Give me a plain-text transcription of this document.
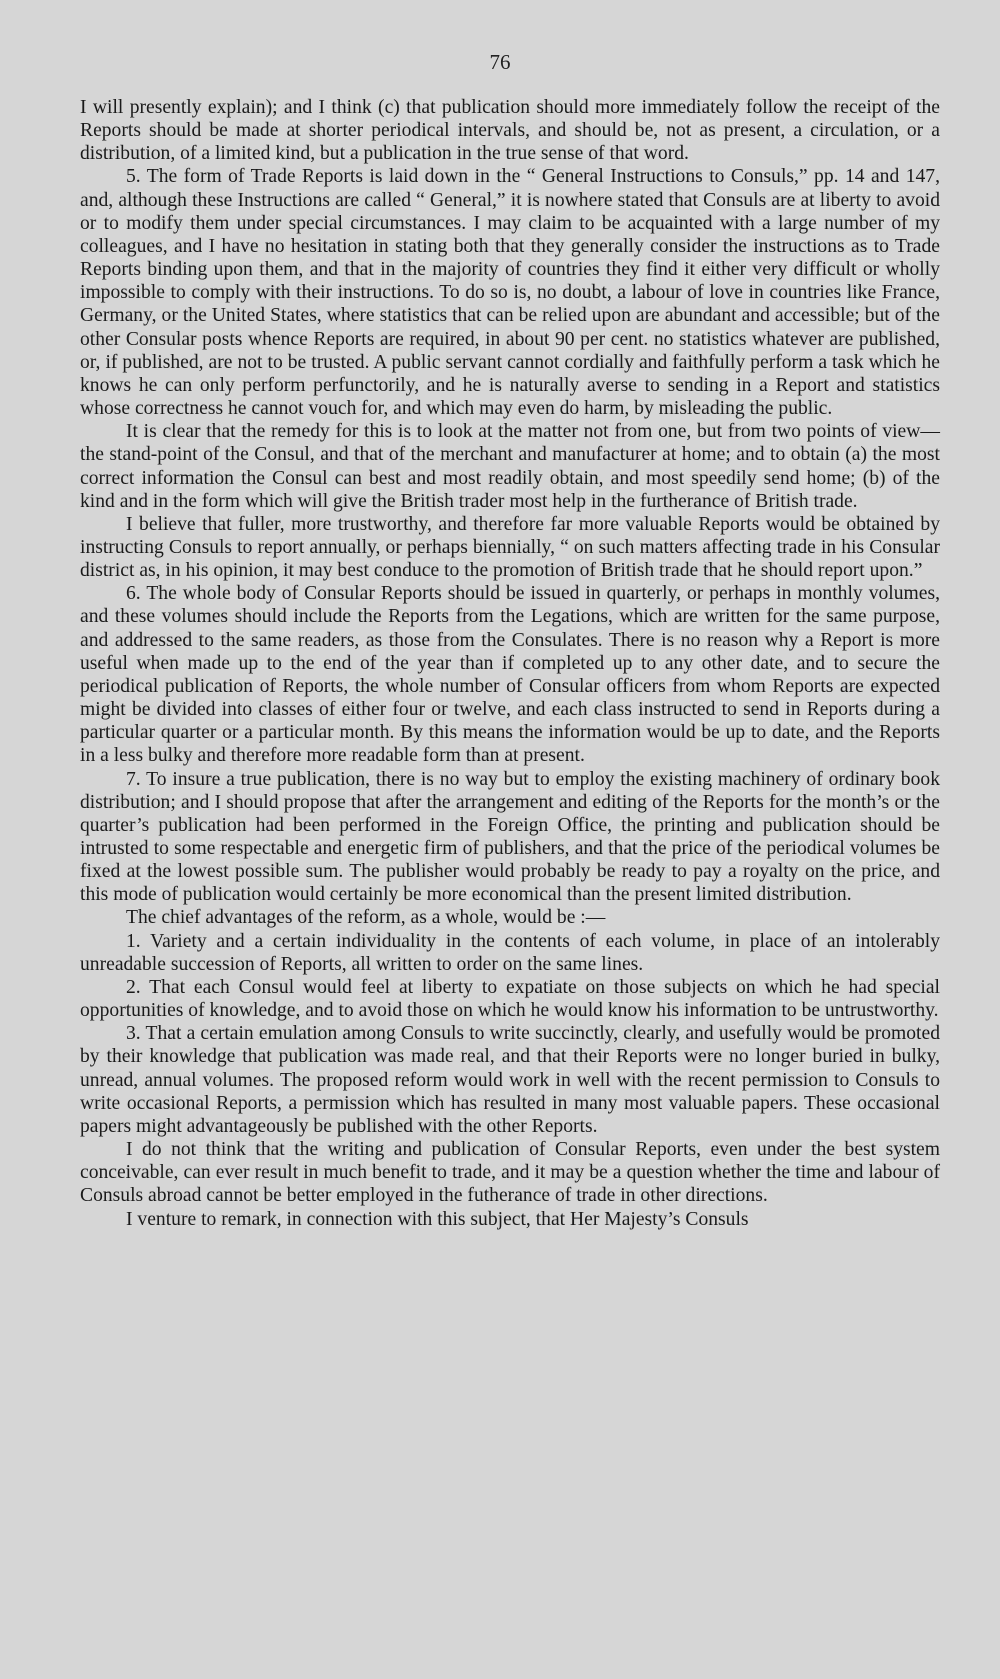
76

I will presently explain); and I think (c) that publication should more immediately follow the receipt of the Reports should be made at shorter periodical intervals, and should be, not as present, a circulation, or a distribution, of a limited kind, but a publication in the true sense of that word.

5. The form of Trade Reports is laid down in the “ General Instructions to Consuls,” pp. 14 and 147, and, although these Instructions are called “ General,” it is nowhere stated that Consuls are at liberty to avoid or to modify them under special circumstances. I may claim to be acquainted with a large number of my colleagues, and I have no hesitation in stating both that they generally consider the instructions as to Trade Reports binding upon them, and that in the majority of countries they find it either very difficult or wholly impossible to comply with their instructions. To do so is, no doubt, a labour of love in countries like France, Germany, or the United States, where statistics that can be relied upon are abundant and accessible; but of the other Consular posts whence Reports are required, in about 90 per cent. no statistics whatever are published, or, if published, are not to be trusted. A public servant cannot cordially and faithfully perform a task which he knows he can only perform perfunctorily, and he is naturally averse to sending in a Report and statistics whose correctness he cannot vouch for, and which may even do harm, by misleading the public.

It is clear that the remedy for this is to look at the matter not from one, but from two points of view—the stand-point of the Consul, and that of the merchant and manufacturer at home; and to obtain (a) the most correct information the Consul can best and most readily obtain, and most speedily send home; (b) of the kind and in the form which will give the British trader most help in the furtherance of British trade.

I believe that fuller, more trustworthy, and therefore far more valuable Reports would be obtained by instructing Consuls to report annually, or perhaps biennially, “ on such matters affecting trade in his Consular district as, in his opinion, it may best conduce to the promotion of British trade that he should report upon.”

6. The whole body of Consular Reports should be issued in quarterly, or perhaps in monthly volumes, and these volumes should include the Reports from the Legations, which are written for the same purpose, and addressed to the same readers, as those from the Consulates. There is no reason why a Report is more useful when made up to the end of the year than if completed up to any other date, and to secure the periodical publication of Reports, the whole number of Consular officers from whom Reports are expected might be divided into classes of either four or twelve, and each class instructed to send in Reports during a particular quarter or a particular month. By this means the information would be up to date, and the Reports in a less bulky and therefore more readable form than at present.

7. To insure a true publication, there is no way but to employ the existing machinery of ordinary book distribution; and I should propose that after the arrangement and editing of the Reports for the month’s or the quarter’s publication had been performed in the Foreign Office, the printing and publication should be intrusted to some respectable and energetic firm of publishers, and that the price of the periodical volumes be fixed at the lowest possible sum. The publisher would probably be ready to pay a royalty on the price, and this mode of publication would certainly be more economical than the present limited distribution.

The chief advantages of the reform, as a whole, would be :—

1. Variety and a certain individuality in the contents of each volume, in place of an intolerably unreadable succession of Reports, all written to order on the same lines.

2. That each Consul would feel at liberty to expatiate on those subjects on which he had special opportunities of knowledge, and to avoid those on which he would know his information to be untrustworthy.

3. That a certain emulation among Consuls to write succinctly, clearly, and usefully would be promoted by their knowledge that publication was made real, and that their Reports were no longer buried in bulky, unread, annual volumes. The proposed reform would work in well with the recent permission to Consuls to write occasional Reports, a permission which has resulted in many most valuable papers. These occasional papers might advantageously be published with the other Reports.

I do not think that the writing and publication of Consular Reports, even under the best system conceivable, can ever result in much benefit to trade, and it may be a question whether the time and labour of Consuls abroad cannot be better employed in the futherance of trade in other directions.

I venture to remark, in connection with this subject, that Her Majesty’s Consuls
